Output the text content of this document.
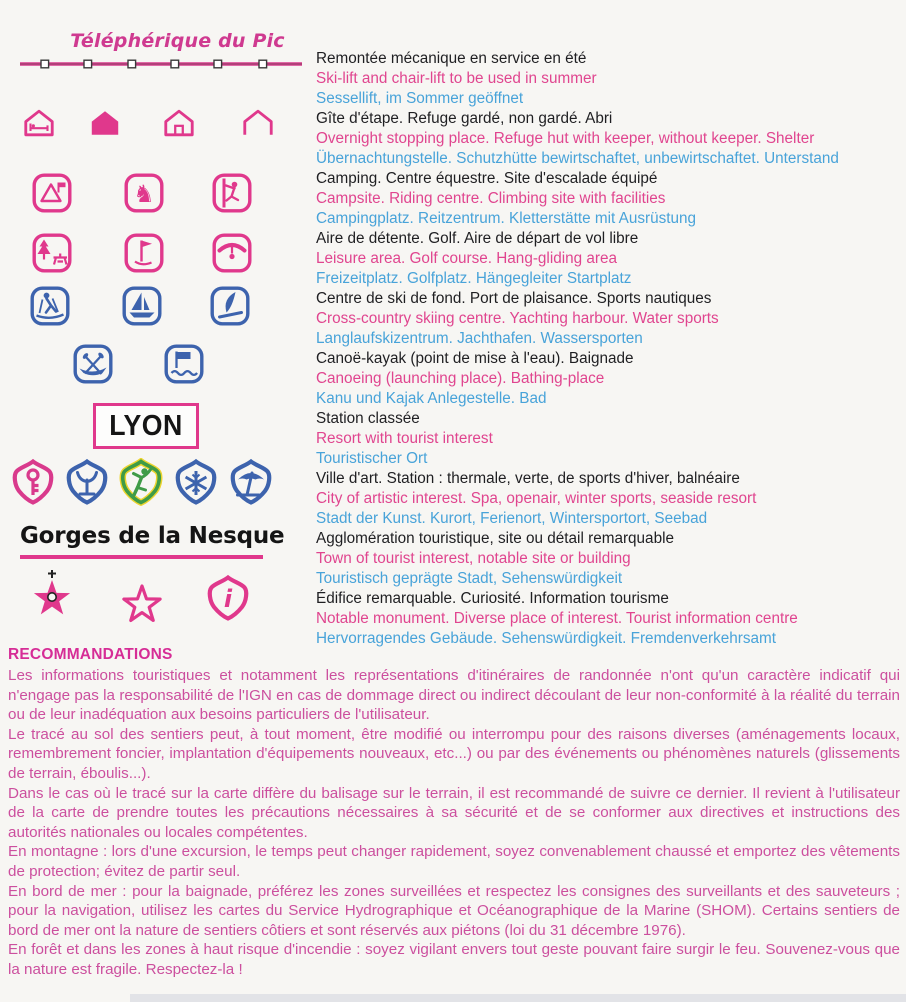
Téléphérique du Pic
♞
LYON
Gorges de la Nesque
i
Remontée mécanique en service en été
Ski-lift and chair-lift to be used in summer
Sessellift, im Sommer geöffnet
Gîte d'étape. Refuge gardé, non gardé. Abri
Overnight stopping place. Refuge hut with keeper, without keeper. Shelter
Übernachtungstelle. Schutzhütte bewirtschaftet, unbewirtschaftet. Unterstand
Camping. Centre équestre. Site d'escalade équipé
Campsite. Riding centre. Climbing site with facilities
Campingplatz. Reitzentrum. Kletterstätte mit Ausrüstung
Aire de détente. Golf. Aire de départ de vol libre
Leisure area. Golf course. Hang-gliding area
Freizeitplatz. Golfplatz. Hängegleiter Startplatz
Centre de ski de fond. Port de plaisance. Sports nautiques
Cross-country skiing centre. Yachting harbour. Water sports
Langlaufskizentrum. Jachthafen. Wassersporten
Canoë-kayak (point de mise à l'eau). Baignade
Canoeing (launching place). Bathing-place
Kanu und Kajak Anlegestelle. Bad
Station classée
Resort with tourist interest
Touristischer Ort
Ville d'art. Station : thermale, verte, de sports d'hiver, balnéaire
City of artistic interest. Spa, openair, winter sports, seaside resort
Stadt der Kunst. Kurort, Ferienort, Wintersportort, Seebad
Agglomération touristique, site ou détail remarquable
Town of tourist interest, notable site or building
Touristisch geprägte Stadt, Sehenswürdigkeit
Édifice remarquable. Curiosité. Information tourisme
Notable monument. Diverse place of interest. Tourist information centre
Hervorragendes Gebäude. Sehenswürdigkeit. Fremdenverkehrsamt
RECOMMANDATIONS

Les informations touristiques et notamment les représentations d'itinéraires de randonnée n'ont qu'un caractère indicatif qui n'engage pas la responsabilité de l'IGN en cas de dommage direct ou indirect découlant de leur non-conformité à la réalité du terrain ou de leur inadéquation aux besoins particuliers de l'utilisateur.

Le tracé au sol des sentiers peut, à tout moment, être modifié ou interrompu pour des raisons diverses (aménagements locaux, remembrement foncier, implantation d'équipements nouveaux, etc...) ou par des événements ou phénomènes naturels (glissements de terrain, éboulis...).

Dans le cas où le tracé sur la carte diffère du balisage sur le terrain, il est recommandé de suivre ce dernier. Il revient à l'utilisateur de la carte de prendre toutes les précautions nécessaires à sa sécurité et de se conformer aux directives et instructions des autorités nationales ou locales compétentes.

En montagne : lors d'une excursion, le temps peut changer rapidement, soyez convenablement chaussé et emportez des vêtements de protection; évitez de partir seul.

En bord de mer : pour la baignade, préférez les zones surveillées et respectez les consignes des surveillants et des sauveteurs ; pour la navigation, utilisez les cartes du Service Hydrographique et Océanographique de la Marine (SHOM). Certains sentiers de bord de mer ont la nature de sentiers côtiers et sont réservés aux piétons (loi du 31 décembre 1976).

En forêt et dans les zones à haut risque d'incendie : soyez vigilant envers tout geste pouvant faire surgir le feu. Souvenez-vous que la nature est fragile. Respectez-la !
